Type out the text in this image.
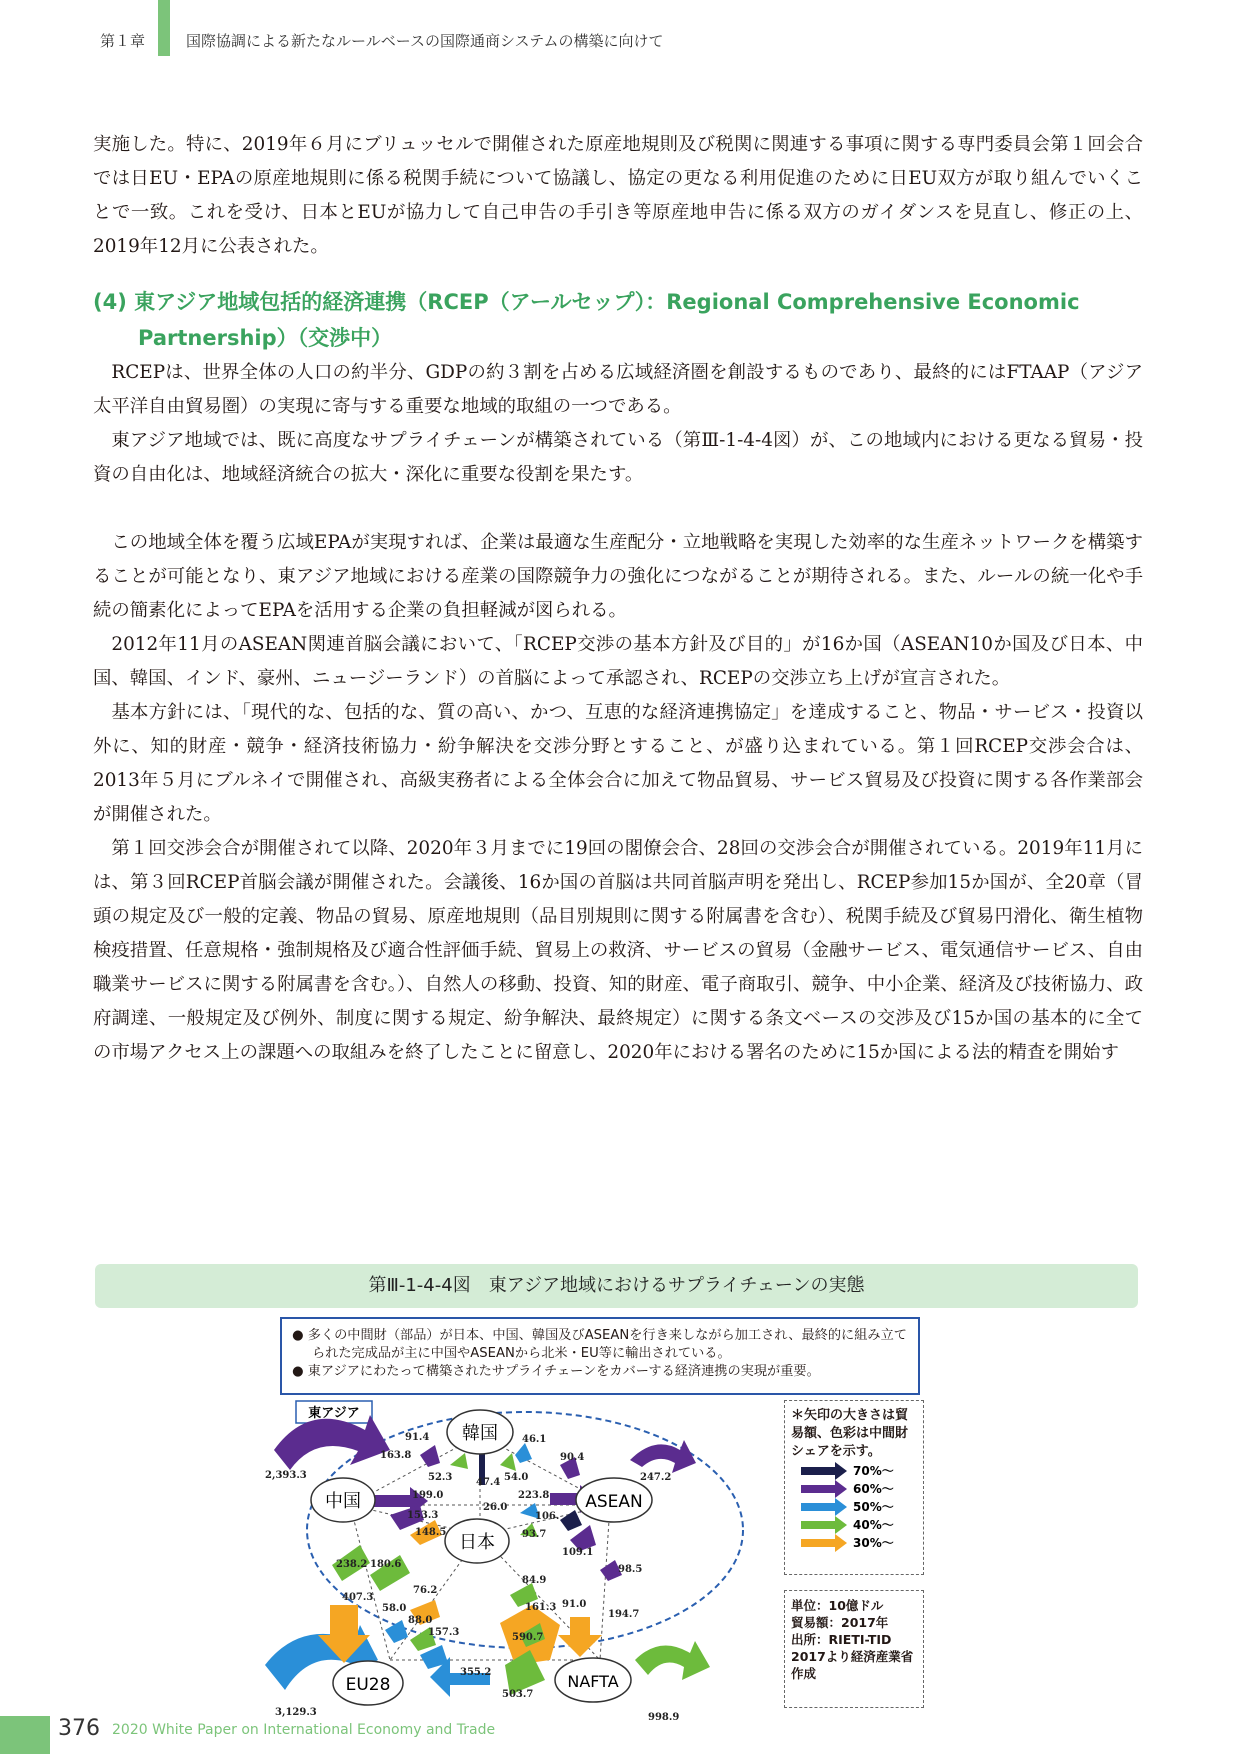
第１章	国際協調による新たなルールベースの国際通商システムの構築に向けて

実施した。特に、2019年６月にブリュッセルで開催された原産地規則及び税関に関連する事項に関する専門委員会第１回会合では日EU・EPAの原産地規則に係る税関手続について協議し、協定の更なる利用促進のために日EU双方が取り組んでいくことで一致。これを受け、日本とEUが協力して自己申告の手引き等原産地申告に係る双方のガイダンスを見直し、修正の上、2019年12月に公表された。

(4) 東アジア地域包括的経済連携（RCEP（アールセップ）：Regional Comprehensive Economic Partnership）（交渉中）

RCEPは、世界全体の人口の約半分、GDPの約３割を占める広域経済圏を創設するものであり、最終的にはFTAAP（アジア太平洋自由貿易圏）の実現に寄与する重要な地域的取組の一つである。

東アジア地域では、既に高度なサプライチェーンが構築されている（第Ⅲ-1-4-4図）が、この地域内における更なる貿易・投資の自由化は、地域経済統合の拡大・深化に重要な役割を果たす。

この地域全体を覆う広域EPAが実現すれば、企業は最適な生産配分・立地戦略を実現した効率的な生産ネットワークを構築することが可能となり、東アジア地域における産業の国際競争力の強化につながることが期待される。また、ルールの統一化や手続の簡素化によってEPAを活用する企業の負担軽減が図られる。

2012年11月のASEAN関連首脳会議において、「RCEP交渉の基本方針及び目的」が16か国（ASEAN10か国及び日本、中国、韓国、インド、豪州、ニュージーランド）の首脳によって承認され、RCEPの交渉立ち上げが宣言された。

基本方針には、「現代的な、包括的な、質の高い、かつ、互恵的な経済連携協定」を達成すること、物品・サービス・投資以外に、知的財産・競争・経済技術協力・紛争解決を交渉分野とすること、が盛り込まれている。第１回RCEP交渉会合は、2013年５月にブルネイで開催され、高級実務者による全体会合に加えて物品貿易、サービス貿易及び投資に関する各作業部会が開催された。

第１回交渉会合が開催されて以降、2020年３月までに19回の閣僚会合、28回の交渉会合が開催されている。2019年11月には、第３回RCEP首脳会議が開催された。会議後、16か国の首脳は共同首脳声明を発出し、RCEP参加15か国が、全20章（冒頭の規定及び一般的定義、物品の貿易、原産地規則（品目別規則に関する附属書を含む）、税関手続及び貿易円滑化、衛生植物検疫措置、任意規格・強制規格及び適合性評価手続、貿易上の救済、サービスの貿易（金融サービス、電気通信サービス、自由職業サービスに関する附属書を含む。）、自然人の移動、投資、知的財産、電子商取引、競争、中小企業、経済及び技術協力、政府調達、一般規定及び例外、制度に関する規定、紛争解決、最終規定）に関する条文ベースの交渉及び15か国の基本的に全ての市場アクセス上の課題への取組みを終了したことに留意し、2020年における署名のために15か国による法的精査を開始す

第Ⅲ-1-4-4図　東アジア地域におけるサプライチェーンの実態

● 多くの中間財（部品）が日本、中国、韓国及びASEANを行き来しながら加工され、最終的に組み立てられた完成品が主に中国やASEANから北米・EU等に輸出されている。

● 東アジアにわたって構築されたサプライチェーンをカバーする経済連携の実現が重要。

東アジア
韓国
中国	ASEAN
日本
EU28	NAFTA
2,393.3	247.2
3,129.3	998.9
91.4	46.1
163.8	90.4
52.3 47.4 54.0
199.0
26.0
223.8
153.3
148.5
106.
93.7
109.1
238.2 180.6	98.5
84.9
407.3
76.2
58.0
88.0
161.3 91.0
194.7
157.3	590.7
355.2
503.7
＊矢印の大きさは貿易額、色彩は中間財シェアを示す。
70%～
60%～
50%～
40%～
30%～
単位：10億ドル
貿易額：2017年
出所：RIETI-TID
2017より経済産業省
作成
376 2020 White Paper on International Economy and Trade
